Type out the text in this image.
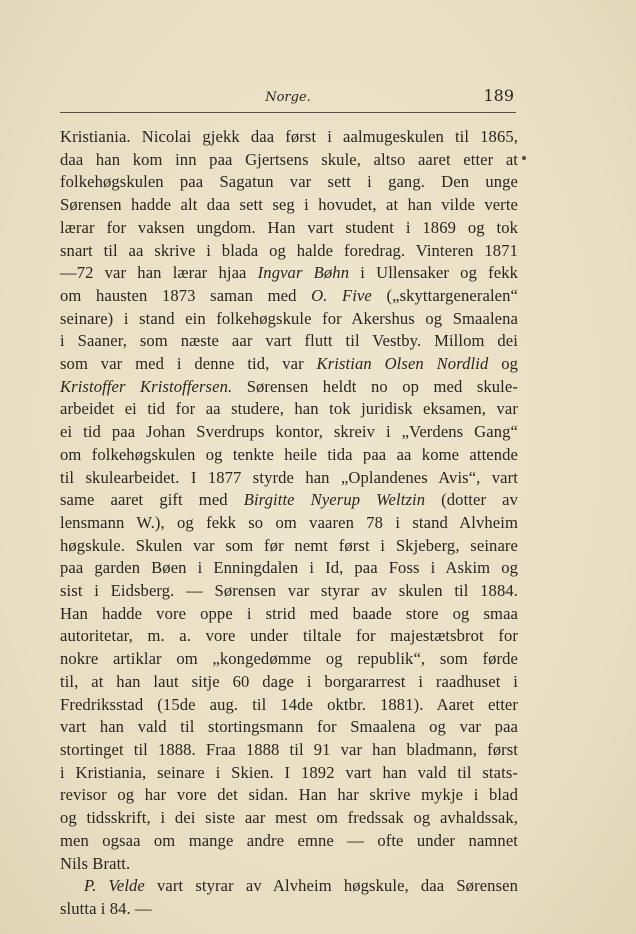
Norge.	189
Kristiania. Nicolai gjekk daa først i aalmugeskulen til 1865,
daa han kom inn paa Gjertsens skule, altso aaret etter at
folkehøgskulen paa Sagatun var sett i gang. Den unge
Sørensen hadde alt daa sett seg i hovudet, at han vilde verte
lærar for vaksen ungdom. Han vart student i 1869 og tok
snart til aa skrive i blada og halde foredrag. Vinteren 1871
—72 var han lærar hjaa Ingvar Bøhn i Ullensaker og fekk
om hausten 1873 saman med O. Five („skyttargeneralen“
seinare) i stand ein folkehøgskule for Akershus og Smaalena
i Saaner, som næste aar vart flutt til Vestby. Millom dei
som var med i denne tid, var Kristian Olsen Nordlid og
Kristoffer Kristoffersen. Sørensen heldt no op med skule-
arbeidet ei tid for aa studere, han tok juridisk eksamen, var
ei tid paa Johan Sverdrups kontor, skreiv i „Verdens Gang“
om folkehøgskulen og tenkte heile tida paa aa kome attende
til skulearbeidet. I 1877 styrde han „Oplandenes Avis“, vart
same aaret gift med Birgitte Nyerup Weltzin (dotter av
lensmann W.), og fekk so om vaaren 78 i stand Alvheim
høgskule. Skulen var som før nemt først i Skjeberg, seinare
paa garden Bøen i Enningdalen i Id, paa Foss i Askim og
sist i Eidsberg. — Sørensen var styrar av skulen til 1884.
Han hadde vore oppe i strid med baade store og smaa
autoritetar, m. a. vore under tiltale for majestætsbrot for
nokre artiklar om „kongedømme og republik“, som førde
til, at han laut sitje 60 dage i borgararrest i raadhuset i
Fredriksstad (15de aug. til 14de oktbr. 1881). Aaret etter
vart han vald til stortingsmann for Smaalena og var paa
stortinget til 1888. Fraa 1888 til 91 var han bladmann, først
i Kristiania, seinare i Skien. I 1892 vart han vald til stats-
revisor og har vore det sidan. Han har skrive mykje i blad
og tidsskrift, i dei siste aar mest om fredssak og avhaldssak,
men ogsaa om mange andre emne — ofte under namnet
Nils Bratt.
P. Velde vart styrar av Alvheim høgskule, daa Sørensen
slutta i 84. —
